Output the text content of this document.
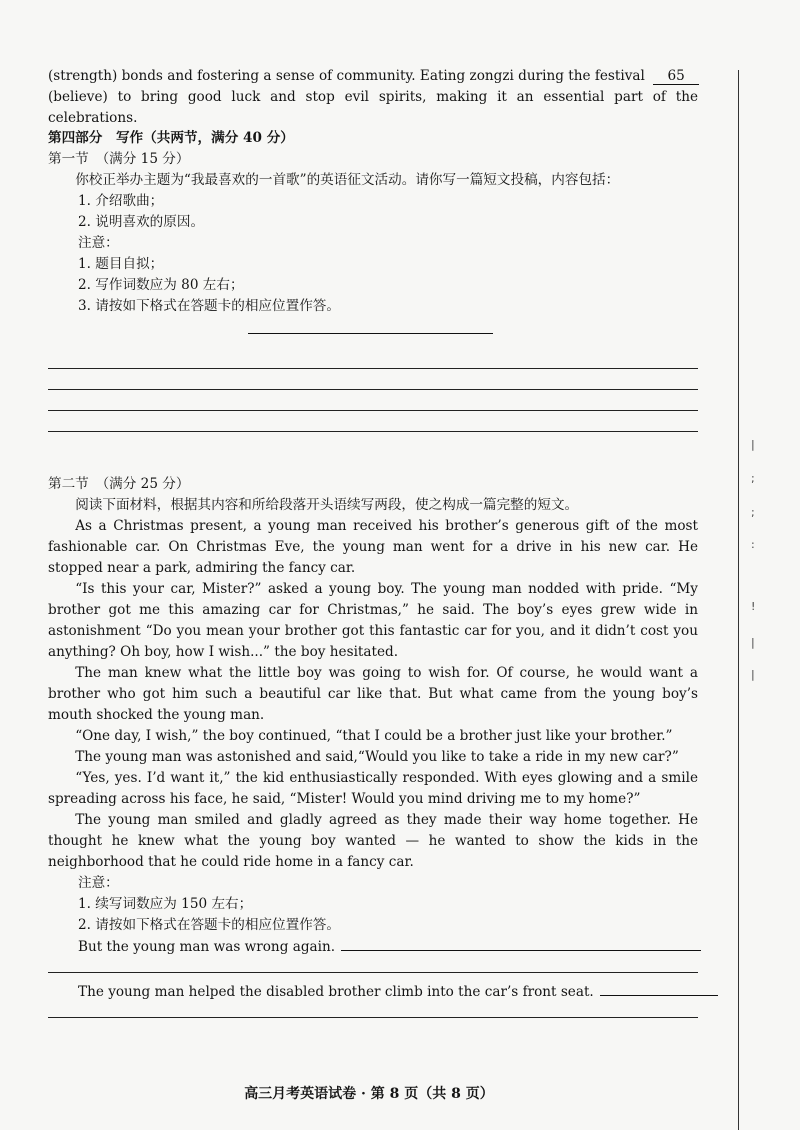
|
;
;
:
!
|
|

(strength) bonds and fostering a sense of community. Eating zongzi during the festival 65

(believe) to bring good luck and stop evil spirits, making it an essential part of the celebrations.

第四部分　写作（共两节，满分 40 分）

第一节　（满分 15 分）

你校正举办主题为“我最喜欢的一首歌”的英语征文活动。请你写一篇短文投稿，内容包括：

1. 介绍歌曲；

2. 说明喜欢的原因。

注意：

1. 题目自拟；

2. 写作词数应为 80 左右；

3. 请按如下格式在答题卡的相应位置作答。

第二节　（满分 25 分）

阅读下面材料，根据其内容和所给段落开头语续写两段，使之构成一篇完整的短文。

As a Christmas present, a young man received his brother’s generous gift of the most fashionable car. On Christmas Eve, the young man went for a drive in his new car. He stopped near a park, admiring the fancy car.

“Is this your car, Mister?” asked a young boy. The young man nodded with pride. “My brother got me this amazing car for Christmas,” he said. The boy’s eyes grew wide in astonishment “Do you mean your brother got this fantastic car for you, and it didn’t cost you anything? Oh boy, how I wish...” the boy hesitated.

The man knew what the little boy was going to wish for. Of course, he would want a brother who got him such a beautiful car like that. But what came from the young boy’s mouth shocked the young man.

“One day, I wish,” the boy continued, “that I could be a brother just like your brother.”

The young man was astonished and said,“Would you like to take a ride in my new car?”

“Yes, yes. I’d want it,” the kid enthusiastically responded. With eyes glowing and a smile spreading across his face, he said, “Mister! Would you mind driving me to my home?”

The young man smiled and gladly agreed as they made their way home together. He thought he knew what the young boy wanted — he wanted to show the kids in the neighborhood that he could ride home in a fancy car.

注意：

1. 续写词数应为 150 左右；

2. 请按如下格式在答题卡的相应位置作答。

But the young man was wrong again.

The young man helped the disabled brother climb into the car’s front seat.

高三月考英语试卷 · 第 8 页（共 8 页）
